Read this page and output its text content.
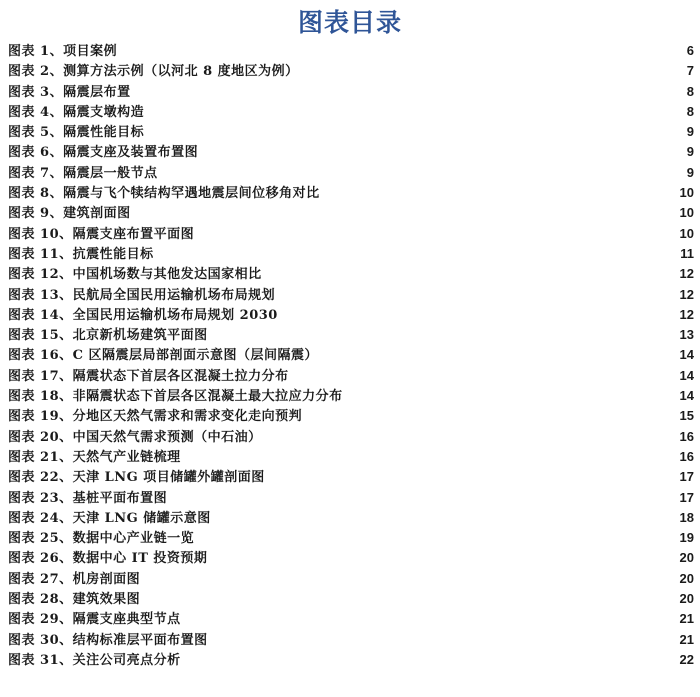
图表目录
图表 1、项目案例	6
图表 2、测算方法示例（以河北 8 度地区为例）	7
图表 3、隔震层布置	8
图表 4、隔震支墩构造	8
图表 5、隔震性能目标	9
图表 6、隔震支座及装置布置图	9
图表 7、隔震层一般节点	9
图表 8、隔震与飞个犊结构罕遇地震层间位移角对比	10
图表 9、建筑剖面图	10
图表 10、隔震支座布置平面图	10
图表 11、抗震性能目标	11
图表 12、中国机场数与其他发达国家相比	12
图表 13、民航局全国民用运输机场布局规划	12
图表 14、全国民用运输机场布局规划 2030	12
图表 15、北京新机场建筑平面图	13
图表 16、C 区隔震层局部剖面示意图（层间隔震）	14
图表 17、隔震状态下首层各区混凝土拉力分布	14
图表 18、非隔震状态下首层各区混凝土最大拉应力分布	14
图表 19、分地区天然气需求和需求变化走向预判	15
图表 20、中国天然气需求预测（中石油）	16
图表 21、天然气产业链梳理	16
图表 22、天津 LNG 项目储罐外罐剖面图	17
图表 23、基桩平面布置图	17
图表 24、天津 LNG 储罐示意图	18
图表 25、数据中心产业链一览	19
图表 26、数据中心 IT 投资预期	20
图表 27、机房剖面图	20
图表 28、建筑效果图	20
图表 29、隔震支座典型节点	21
图表 30、结构标准层平面布置图	21
图表 31、关注公司亮点分析	22
